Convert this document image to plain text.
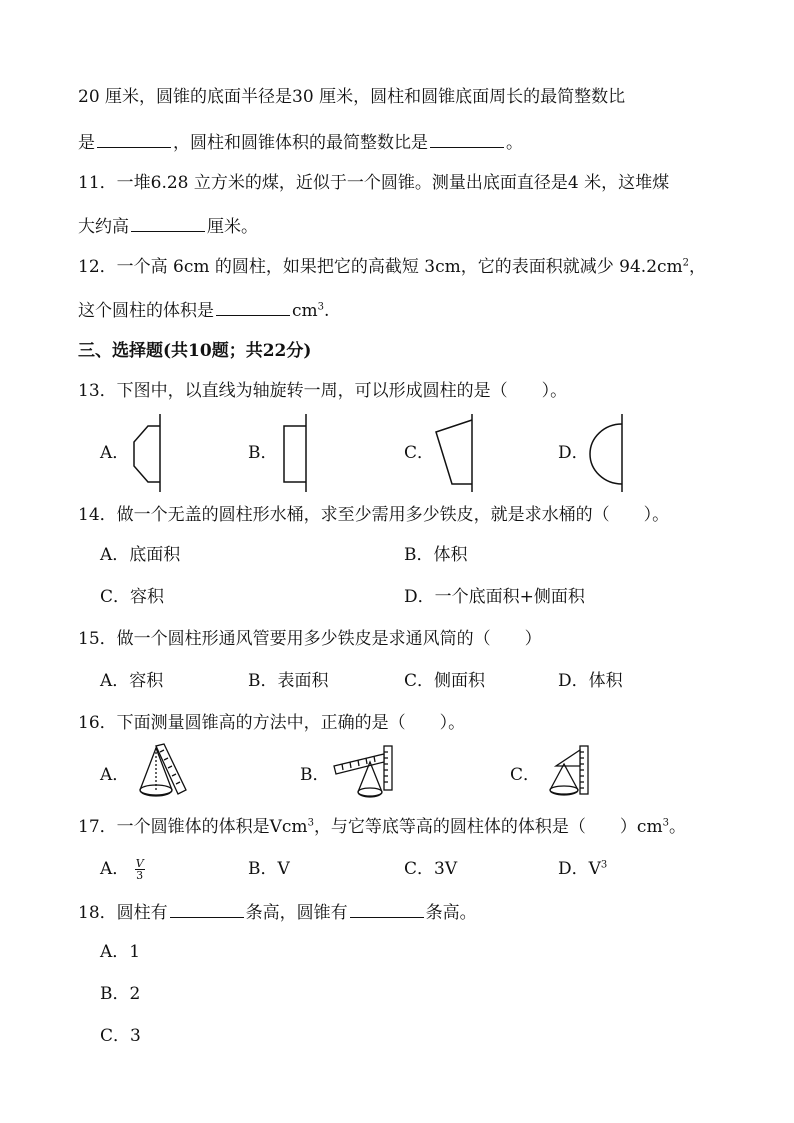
20 厘米，圆锥的底面半径是30 厘米，圆柱和圆锥底面周长的最简整数比
是	，圆柱和圆锥体积的最简整数比是	。
11．一堆6.28 立方米的煤，近似于一个圆锥。测量出底面直径是4 米，这堆煤
大约高	厘米。
12．一个高 6cm 的圆柱，如果把它的高截短 3cm，它的表面积就减少 $94.2cm^2$，
这个圆柱的体积是	$cm^3$.
三、选择题(共10题；共22分)
13．下图中，以直线为轴旋转一周，可以形成圆柱的是（　　）。
A．	B．	C．	D．
14．做一个无盖的圆柱形水桶，求至少需用多少铁皮，就是求水桶的（　　）。
A．底面积	B．体积
C．容积	D．一个底面积+侧面积
15．做一个圆柱形通风管要用多少铁皮是求通风筒的（　　）
A．容积	B．表面积	C．侧面积	D．体积
16．下面测量圆锥高的方法中，正确的是（　　）。
A．	B．	C．
17．一个圆锥体的体积是Vcm$^3$，与它等底等高的圆柱体的体积是（　　）$cm^3$。
A． $\frac{V}{3}$	B．V	C．3V	D．$V^3$
18．圆柱有	条高，圆锥有	条高。
A．1
B．2
C．3
